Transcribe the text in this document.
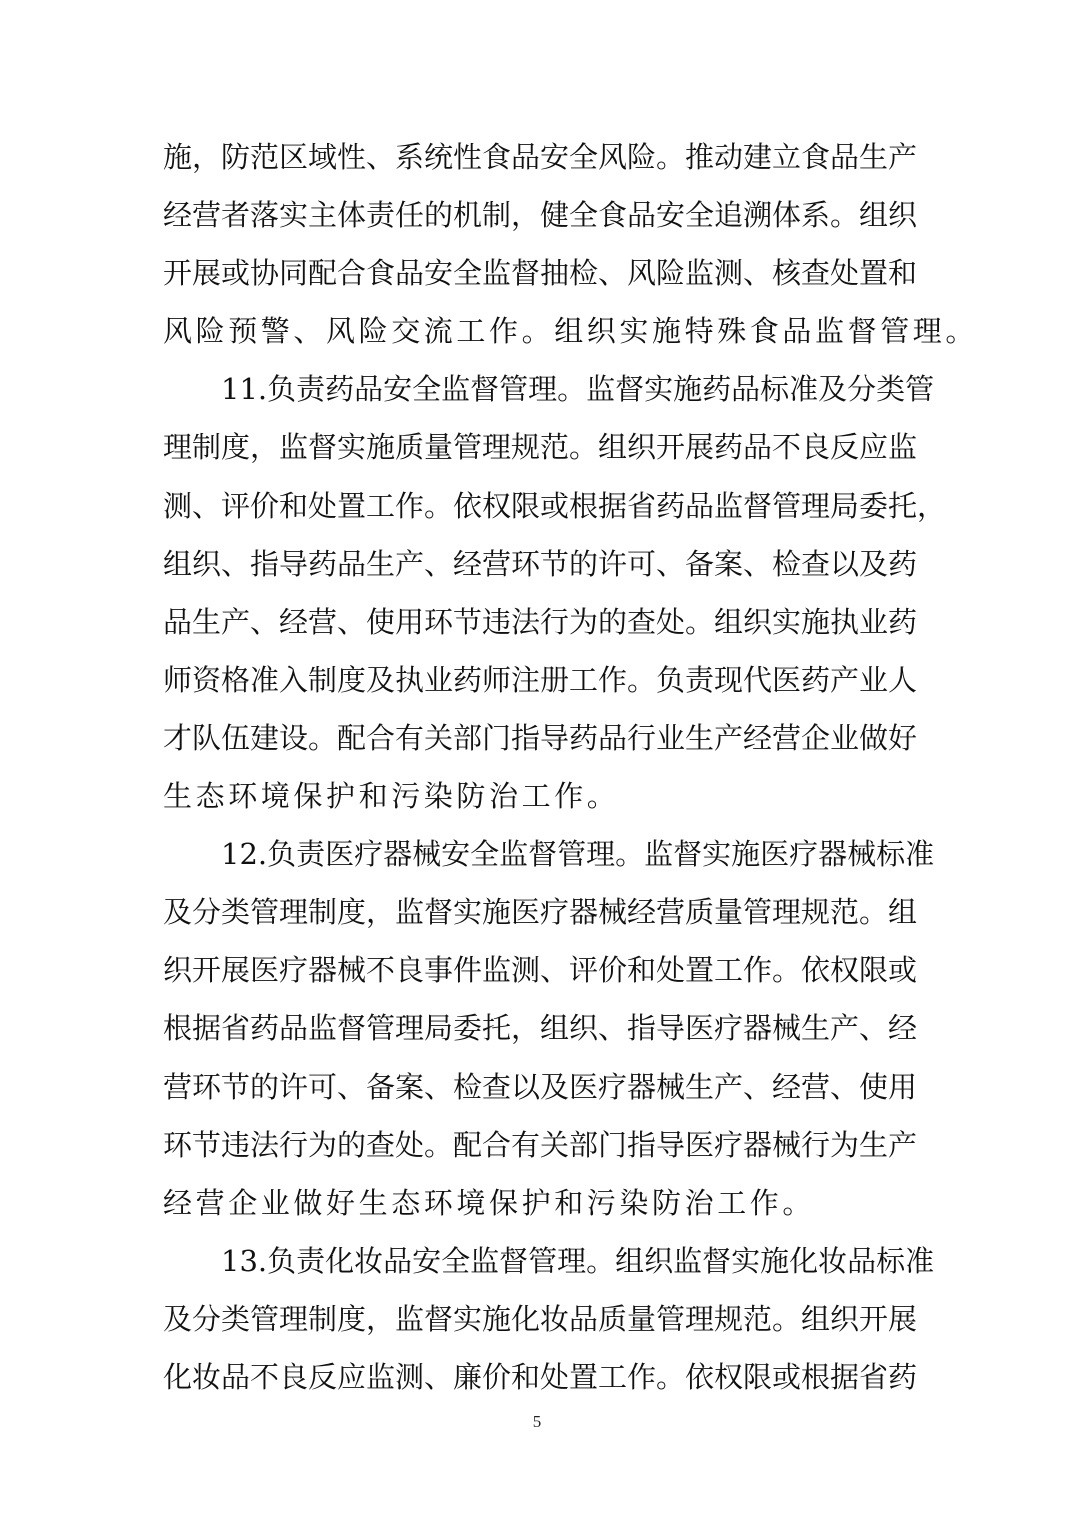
施，防范区域性、系统性食品安全风险。推动建立食品生产
经营者落实主体责任的机制，健全食品安全追溯体系。组织
开展或协同配合食品安全监督抽检、风险监测、核查处置和
风险预警、风险交流工作。组织实施特殊食品监督管理。
11.负责药品安全监督管理。监督实施药品标准及分类管
理制度，监督实施质量管理规范。组织开展药品不良反应监
测、评价和处置工作。依权限或根据省药品监督管理局委托，
组织、指导药品生产、经营环节的许可、备案、检查以及药
品生产、经营、使用环节违法行为的查处。组织实施执业药
师资格准入制度及执业药师注册工作。负责现代医药产业人
才队伍建设。配合有关部门指导药品行业生产经营企业做好
生态环境保护和污染防治工作。
12.负责医疗器械安全监督管理。监督实施医疗器械标准
及分类管理制度，监督实施医疗器械经营质量管理规范。组
织开展医疗器械不良事件监测、评价和处置工作。依权限或
根据省药品监督管理局委托，组织、指导医疗器械生产、经
营环节的许可、备案、检查以及医疗器械生产、经营、使用
环节违法行为的查处。配合有关部门指导医疗器械行为生产
经营企业做好生态环境保护和污染防治工作。
13.负责化妆品安全监督管理。组织监督实施化妆品标准
及分类管理制度，监督实施化妆品质量管理规范。组织开展
化妆品不良反应监测、廉价和处置工作。依权限或根据省药
5
